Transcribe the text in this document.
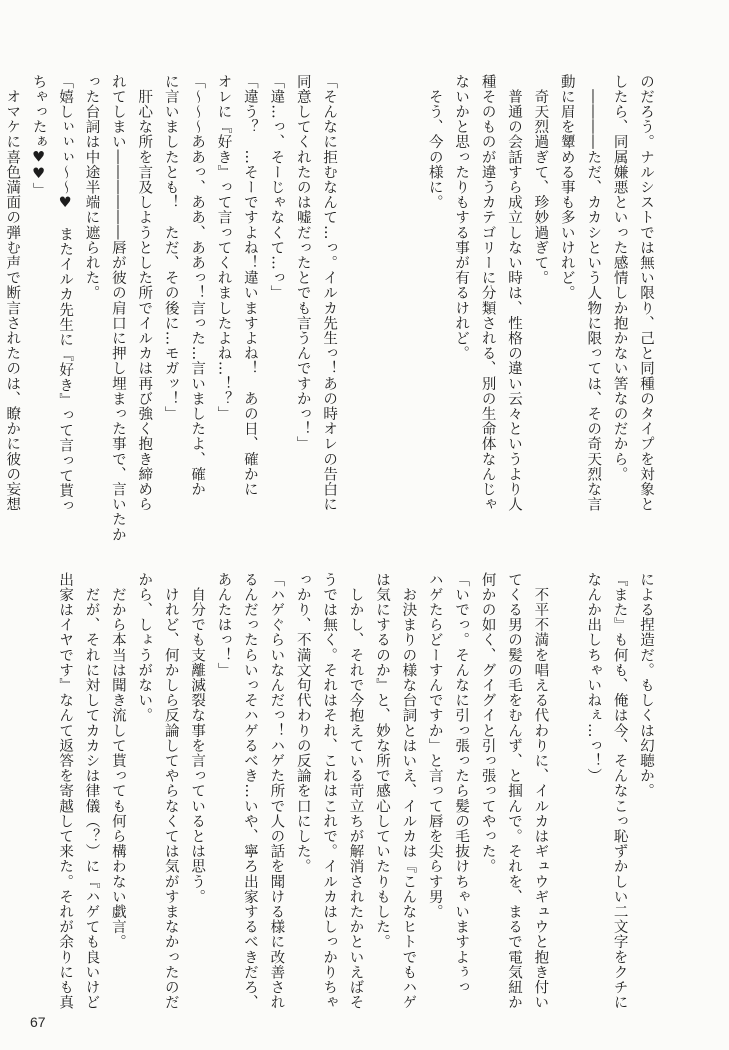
のだろう。ナルシストでは無い限り、己と同種のタイプを対象と
したら、同属嫌悪といった感情しか抱かない筈なのだから。
　――――ただ、カカシという人物に限っては、その奇天烈な言
動に眉を顰める事も多いけれど。
　奇天烈過ぎて、珍妙過ぎて。
　普通の会話すら成立しない時は、性格の違い云々というより人
種そのものが違うカテゴリーに分類される、別の生命体なんじゃ
ないかと思ったりもする事が有るけれど。
　そう、今の様に。

「そんなに拒むなんて…っ。イルカ先生っ！あの時オレの告白に
同意してくれたのは嘘だったとでも言うんですかっ！」
「違…っ、そーじゃなくて…っ」
「違う？　…そーですよね！違いますよね！　あの日、確かに
オレに『好き』って言ってくれましたよね…！？」
「～～～ああっ、ああ、ああっ！言った…言いましたよ、確か
に言いましたとも！　ただ、その後に…モガッ！」
　肝心な所を言及しようとした所でイルカは再び強く抱き締めら
れてしまい――――――唇が彼の肩口に押し埋まった事で、言いたか
った台詞は中途半端に遮られた。
「嬉しぃぃぃ～～♥　またイルカ先生に『好き』って言って貰っ
ちゃったぁ♥♥」
　オマケに喜色満面の弾む声で断言されたのは、瞭かに彼の妄想
による捏造だ。もしくは幻聴か。
『また』も何も、俺は今、そんなこっ恥ずかしい二文字をクチに
なんか出しちゃいねぇ…っ！）

　不平不満を唱える代わりに、イルカはギュウギュウと抱き付い
てくる男の髪の毛をむんず、と掴んで。それを、まるで電気紐か
何かの如く、グイグイと引っ張ってやった。
「いでっ。そんなに引っ張ったら髪の毛抜けちゃいますよぅっ
ハゲたらどーすんですか」と言って唇を尖らす男。
　お決まりの様な台詞とはいえ、イルカは『こんなヒトでもハゲ
は気にするのか』と、妙な所で感心していたりもした。
　しかし、それで今抱えている苛立ちが解消されたかといえばそ
うでは無く。それはそれ、これはこれで。イルカはしっかりちゃ
っかり、不満文句代わりの反論を口にした。
「ハゲぐらいなんだっ！ハゲた所で人の話を聞ける様に改善され
るんだったらいっそハゲるべき…いや、寧ろ出家するべきだろ、
あんたはっ！」
　自分でも支離滅裂な事を言っているとは思う。
　けれど、何かしら反論してやらなくては気がすまなかったのだ
から、しょうがない。
　だから本当は聞き流して貰っても何ら構わない戯言。
　だが、それに対してカカシは律儀（？）に『ハゲても良いけど
出家はイヤです』なんて返答を寄越して来た。それが余りにも真
67
